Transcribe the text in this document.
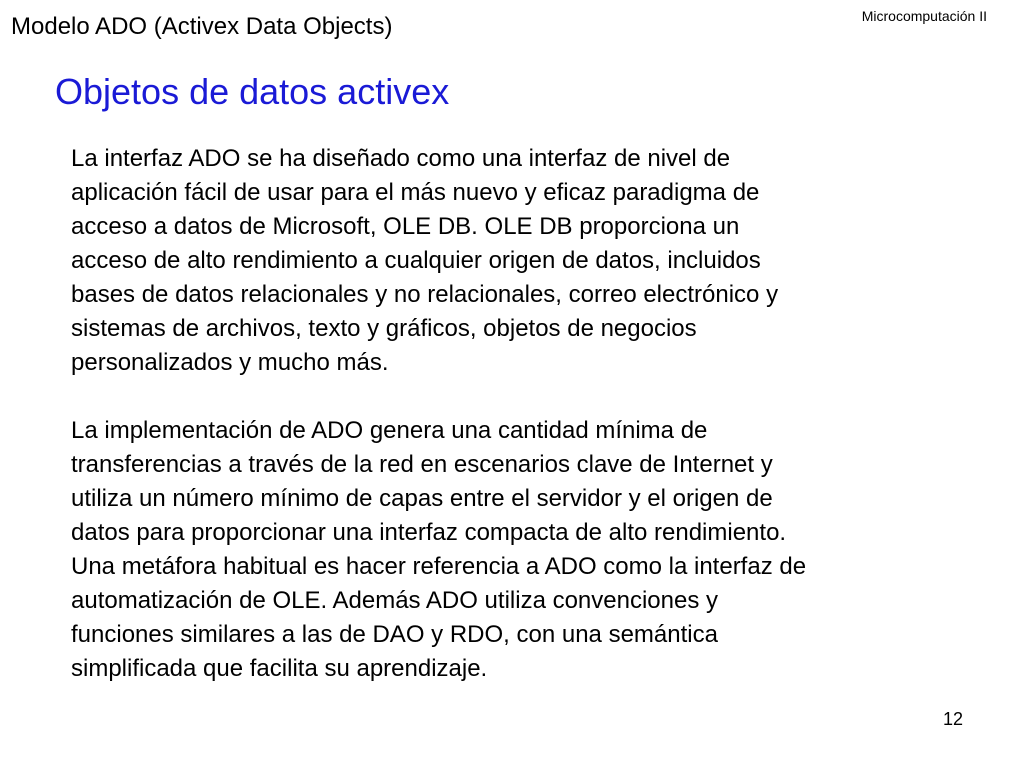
Modelo ADO (Activex Data Objects)	Microcomputación II
Objetos de datos activex

La interfaz ADO se ha diseñado como una interfaz de nivel de
aplicación fácil de usar para el más nuevo y eficaz paradigma de
acceso a datos de Microsoft, OLE DB. OLE DB proporciona un
acceso de alto rendimiento a cualquier origen de datos, incluidos
bases de datos relacionales y no relacionales, correo electrónico y
sistemas de archivos, texto y gráficos, objetos de negocios
personalizados y mucho más.

La implementación de ADO genera una cantidad mínima de
transferencias a través de la red en escenarios clave de Internet y
utiliza un número mínimo de capas entre el servidor y el origen de
datos para proporcionar una interfaz compacta de alto rendimiento.
Una metáfora habitual es hacer referencia a ADO como la interfaz de
automatización de OLE. Además ADO utiliza convenciones y
funciones similares a las de DAO y RDO, con una semántica
simplificada que facilita su aprendizaje.

12
